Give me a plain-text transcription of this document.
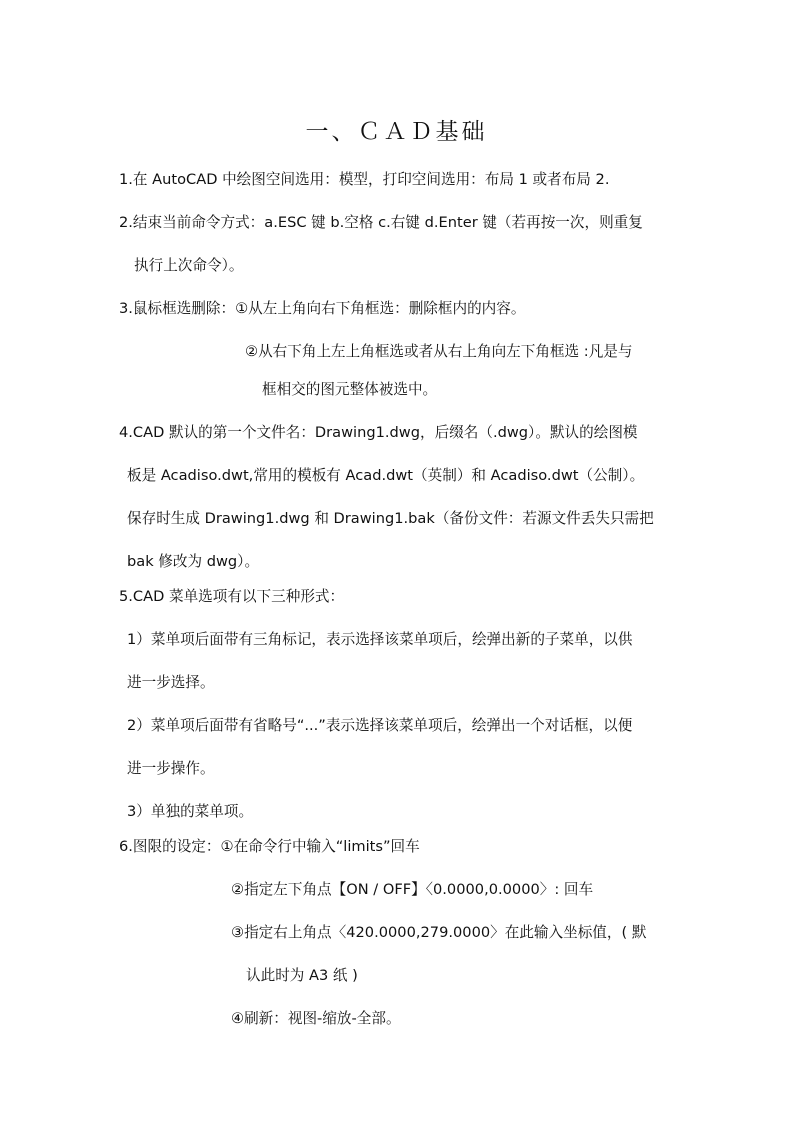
一、ＣＡＤ基础
1.在 AutoCAD 中绘图空间选用：模型，打印空间选用：布局 1 或者布局 2.
2.结束当前命令方式：a.ESC 键 b.空格 c.右键 d.Enter 键（若再按一次，则重复
执行上次命令）。
3.鼠标框选删除：①从左上角向右下角框选：删除框内的内容。
②从右下角上左上角框选或者从右上角向左下角框选 :凡是与
框相交的图元整体被选中。
4.CAD 默认的第一个文件名：Drawing1.dwg，后缀名（.dwg）。默认的绘图模
板是 Acadiso.dwt,常用的模板有 Acad.dwt（英制）和 Acadiso.dwt（公制）。
保存时生成 Drawing1.dwg 和 Drawing1.bak（备份文件：若源文件丢失只需把
bak 修改为 dwg）。
5.CAD 菜单选项有以下三种形式：
1）菜单项后面带有三角标记，表示选择该菜单项后，绘弹出新的子菜单，以供
进一步选择。
2）菜单项后面带有省略号“...”表示选择该菜单项后，绘弹出一个对话框，以便
进一步操作。
3）单独的菜单项。
6.图限的设定：①在命令行中输入“limits”回车
②指定左下角点【ON / OFF】〈0.0000,0.0000〉: 回车
③指定右上角点〈420.0000,279.0000〉在此输入坐标值，( 默
认此时为 A3 纸 )
④刷新：视图-缩放-全部。
